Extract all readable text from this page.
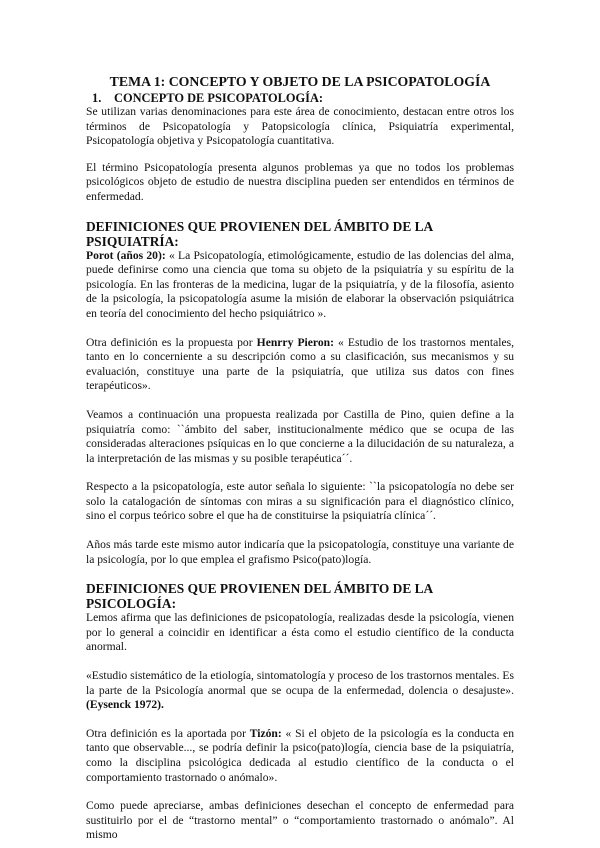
TEMA 1: CONCEPTO Y OBJETO DE LA PSICOPATOLOGÍA
1. CONCEPTO DE PSICOPATOLOGÍA:

Se utilizan varias denominaciones para este área de conocimiento, destacan entre otros los términos de Psicopatología y Patopsicología clínica, Psiquiatría experimental, Psicopatología objetiva y Psicopatología cuantitativa.

El término Psicopatología presenta algunos problemas ya que no todos los problemas psicológicos objeto de estudio de nuestra disciplina pueden ser entendidos en términos de enfermedad.

DEFINICIONES QUE PROVIENEN DEL ÁMBITO DE LA PSIQUIATRÍA:

Porot (años 20): « La Psicopatología, etimológicamente, estudio de las dolencias del alma, puede definirse como una ciencia que toma su objeto de la psiquiatría y su espíritu de la psicología. En las fronteras de la medicina, lugar de la psiquiatría, y de la filosofía, asiento de la psicología, la psicopatología asume la misión de elaborar la observación psiquiátrica en teoría del conocimiento del hecho psiquiátrico ».

Otra definición es la propuesta por Henrry Pieron: « Estudio de los trastornos mentales, tanto en lo concerniente a su descripción como a su clasificación, sus mecanismos y su evaluación, constituye una parte de la psiquiatría, que utiliza sus datos con fines terapéuticos».

Veamos a continuación una propuesta realizada por Castilla de Pino, quien define a la psiquiatría como: ``ámbito del saber, institucionalmente médico que se ocupa de las consideradas alteraciones psíquicas en lo que concierne a la dilucidación de su naturaleza, a la interpretación de las mismas y su posible terapéutica´´.

Respecto a la psicopatología, este autor señala lo siguiente: ``la psicopatología no debe ser solo la catalogación de síntomas con miras a su significación para el diagnóstico clínico, sino el corpus teórico sobre el que ha de constituirse la psiquiatría clínica´´.

Años más tarde este mismo autor indicaría que la psicopatología, constituye una variante de la psicología, por lo que emplea el grafismo Psico(pato)logía.

DEFINICIONES QUE PROVIENEN DEL ÁMBITO DE LA PSICOLOGÍA:

Lemos afirma que las definiciones de psicopatología, realizadas desde la psicología, vienen por lo general a coincidir en identificar a ésta como el estudio científico de la conducta anormal.

«Estudio sistemático de la etiología, sintomatología y proceso de los trastornos mentales. Es la parte de la Psicología anormal que se ocupa de la enfermedad, dolencia o desajuste». (Eysenck 1972).

Otra definición es la aportada por Tizón: « Si el objeto de la psicología es la conducta en tanto que observable..., se podría definir la psico(pato)logía, ciencia base de la psiquiatría, como la disciplina psicológica dedicada al estudio científico de la conducta o el comportamiento trastornado o anómalo».

Como puede apreciarse, ambas definiciones desechan el concepto de enfermedad para sustituirlo por el de “trastorno mental” o “comportamiento trastornado o anómalo”. Al mismo
